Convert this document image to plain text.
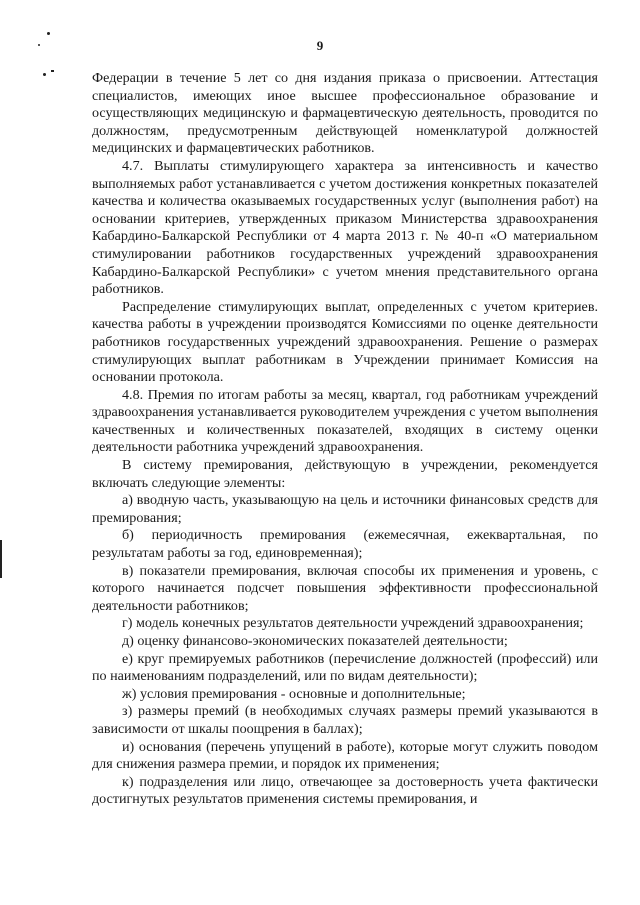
9

Федерации в течение 5 лет со дня издания приказа о присвоении. Аттестация специалистов, имеющих иное высшее профессиональное образование и осуществляющих медицинскую и фармацевтическую деятельность, проводится по должностям, предусмотренным действующей номенклатурой должностей медицинских и фармацевтических работников.

4.7. Выплаты стимулирующего характера за интенсивность и качество выполняемых работ устанавливается с учетом достижения конкретных показателей качества и количества оказываемых государственных услуг (выполнения работ) на основании критериев, утвержденных приказом Министерства здравоохранения Кабардино-Балкарской Республики от 4 марта 2013 г. № 40-п «О материальном стимулировании работников государственных учреждений здравоохранения Кабардино-Балкарской Республики» с учетом мнения представительного органа работников.

Распределение стимулирующих выплат, определенных с учетом критериев. качества работы в учреждении производятся Комиссиями по оценке деятельности работников государственных учреждений здравоохранения. Решение о размерах стимулирующих выплат работникам в Учреждении принимает Комиссия на основании протокола.

4.8. Премия по итогам работы за месяц, квартал, год работникам учреждений здравоохранения устанавливается руководителем учреждения с учетом выполнения качественных и количественных показателей, входящих в систему оценки деятельности работника учреждений здравоохранения.

В систему премирования, действующую в учреждении, рекомендуется включать следующие элементы:

а) вводную часть, указывающую на цель и источники финансовых средств для премирования;

б) периодичность премирования (ежемесячная, ежеквартальная, по результатам работы за год, единовременная);

в) показатели премирования, включая способы их применения и уровень, с которого начинается подсчет повышения эффективности профессиональной деятельности работников;

г) модель конечных результатов деятельности учреждений здравоохранения;

д) оценку финансово-экономических показателей деятельности;

е) круг премируемых работников (перечисление должностей (профессий) или по наименованиям подразделений, или по видам деятельности);

ж) условия премирования - основные и дополнительные;

з) размеры премий (в необходимых случаях размеры премий указываются в зависимости от шкалы поощрения в баллах);

и) основания (перечень упущений в работе), которые могут служить поводом для снижения размера премии, и порядок их применения;

к) подразделения или лицо, отвечающее за достоверность учета фактически достигнутых результатов применения системы премирования, и
